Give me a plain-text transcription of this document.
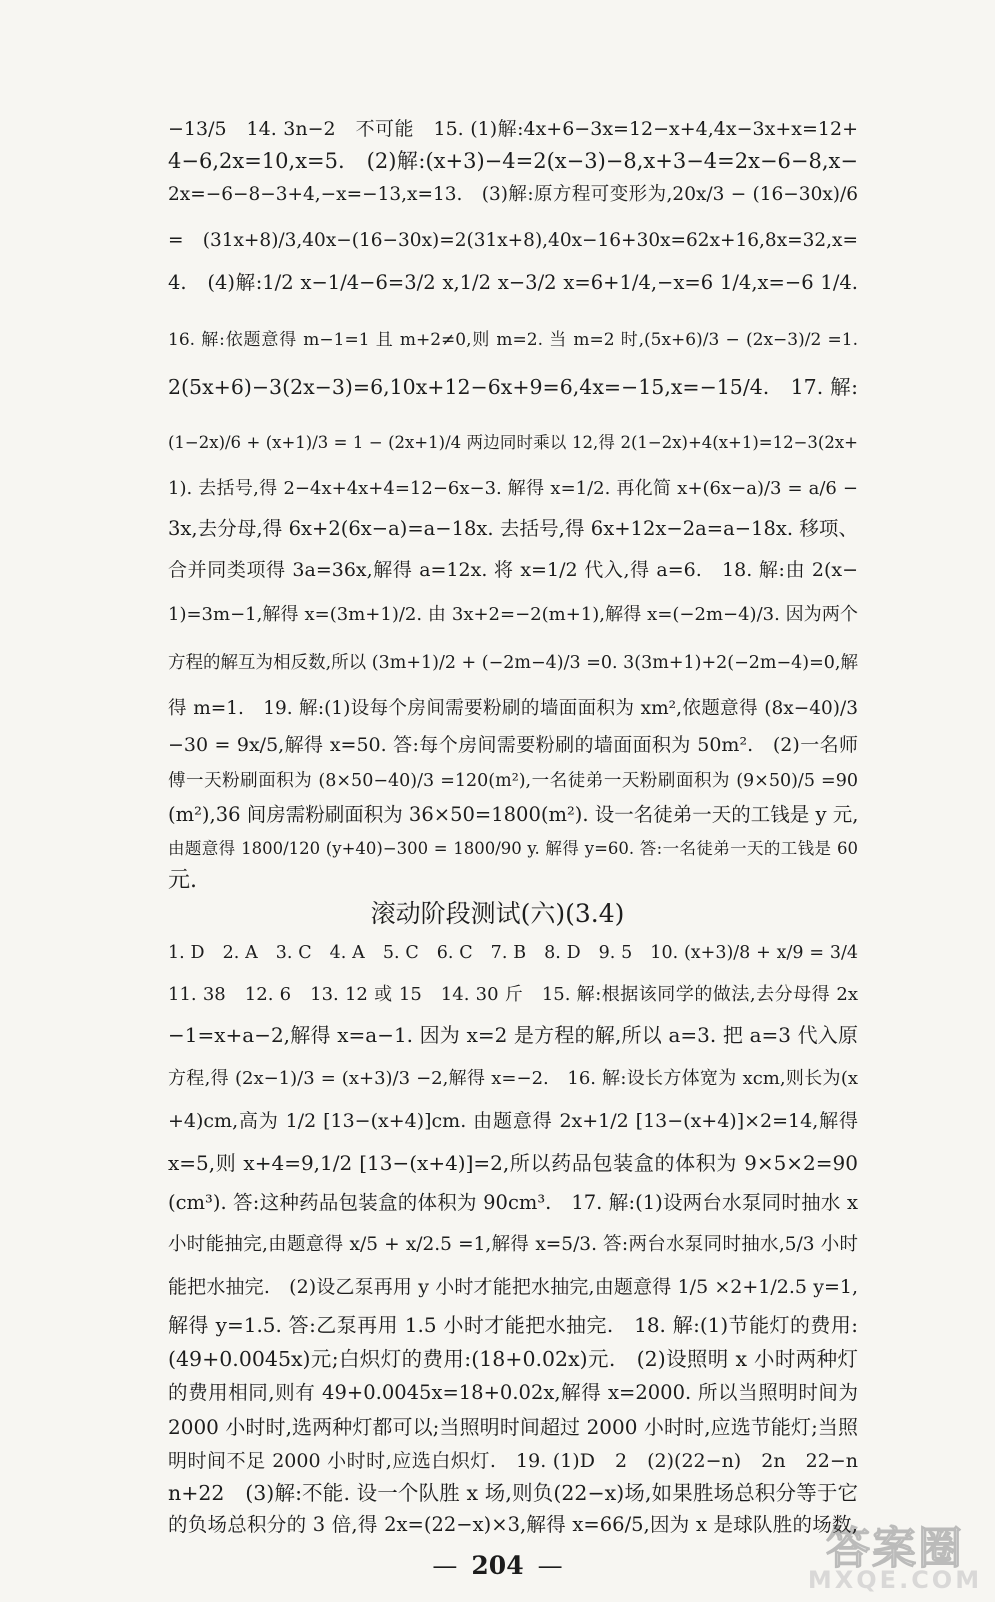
−13/5　14. 3n−2　不可能　15. (1)解:4x+6−3x=12−x+4,4x−3x+x=12+
4−6,2x=10,x=5.　(2)解:(x+3)−4=2(x−3)−8,x+3−4=2x−6−8,x−
2x=−6−8−3+4,−x=−13,x=13.　(3)解:原方程可变形为,20x/3 − (16−30x)/6
= (31x+8)/3,40x−(16−30x)=2(31x+8),40x−16+30x=62x+16,8x=32,x=
4.　(4)解:1/2 x−1/4−6=3/2 x,1/2 x−3/2 x=6+1/4,−x=6 1/4,x=−6 1/4.
16. 解:依题意得 m−1=1 且 m+2≠0,则 m=2. 当 m=2 时,(5x+6)/3 − (2x−3)/2 =1.
2(5x+6)−3(2x−3)=6,10x+12−6x+9=6,4x=−15,x=−15/4.　17. 解:
(1−2x)/6 + (x+1)/3 = 1 − (2x+1)/4 两边同时乘以 12,得 2(1−2x)+4(x+1)=12−3(2x+
1). 去括号,得 2−4x+4x+4=12−6x−3. 解得 x=1/2. 再化简 x+(6x−a)/3 = a/6 −
3x,去分母,得 6x+2(6x−a)=a−18x. 去括号,得 6x+12x−2a=a−18x. 移项、
合并同类项得 3a=36x,解得 a=12x. 将 x=1/2 代入,得 a=6.　18. 解:由 2(x−
1)=3m−1,解得 x=(3m+1)/2. 由 3x+2=−2(m+1),解得 x=(−2m−4)/3. 因为两个
方程的解互为相反数,所以 (3m+1)/2 + (−2m−4)/3 =0. 3(3m+1)+2(−2m−4)=0,解
得 m=1.　19. 解:(1)设每个房间需要粉刷的墙面面积为 xm²,依题意得 (8x−40)/3
−30 = 9x/5,解得 x=50. 答:每个房间需要粉刷的墙面面积为 50m².　(2)一名师
傅一天粉刷面积为 (8×50−40)/3 =120(m²),一名徒弟一天粉刷面积为 (9×50)/5 =90
(m²),36 间房需粉刷面积为 36×50=1800(m²). 设一名徒弟一天的工钱是 y 元,
滚动阶段测试(六)(3.4)
1. D　2. A　3. C　4. A　5. C　6. C　7. B　8. D　9. 5　10. (x+3)/8 + x/9 = 3/4
11. 38　12. 6　13. 12 或 15　14. 30 斤　15. 解:根据该同学的做法,去分母得 2x
−1=x+a−2,解得 x=a−1. 因为 x=2 是方程的解,所以 a=3. 把 a=3 代入原
方程,得 (2x−1)/3 = (x+3)/3 −2,解得 x=−2.　16. 解:设长方体宽为 xcm,则长为(x
+4)cm,高为 1/2 [13−(x+4)]cm. 由题意得 2x+1/2 [13−(x+4)]×2=14,解得
x=5,则 x+4=9,1/2 [13−(x+4)]=2,所以药品包装盒的体积为 9×5×2=90
(cm³). 答:这种药品包装盒的体积为 90cm³.　17. 解:(1)设两台水泵同时抽水 x
小时能抽完,由题意得 x/5 + x/2.5 =1,解得 x=5/3. 答:两台水泵同时抽水,5/3 小时
能把水抽完.　(2)设乙泵再用 y 小时才能把水抽完,由题意得 1/5 ×2+1/2.5 y=1,
解得 y=1.5. 答:乙泵再用 1.5 小时才能把水抽完.　18. 解:(1)节能灯的费用:
(49+0.0045x)元;白炽灯的费用:(18+0.02x)元.　(2)设照明 x 小时两种灯
的费用相同,则有 49+0.0045x=18+0.02x,解得 x=2000. 所以当照明时间为
2000 小时时,选两种灯都可以;当照明时间超过 2000 小时时,应选节能灯;当照
— 204 —	答案圈
MXQE.COM
由题意得 1800/120 (y+40)−300 = 1800/90 y. 解得 y=60. 答:一名徒弟一天的工钱是 60
元.
明时间不足 2000 小时时,应选白炽灯.　19. (1)D　2　(2)(22−n)　2n　22−n
n+22　(3)解:不能. 设一个队胜 x 场,则负(22−x)场,如果胜场总积分等于它
的负场总积分的 3 倍,得 2x=(22−x)×3,解得 x=66/5,因为 x 是球队胜的场数,
